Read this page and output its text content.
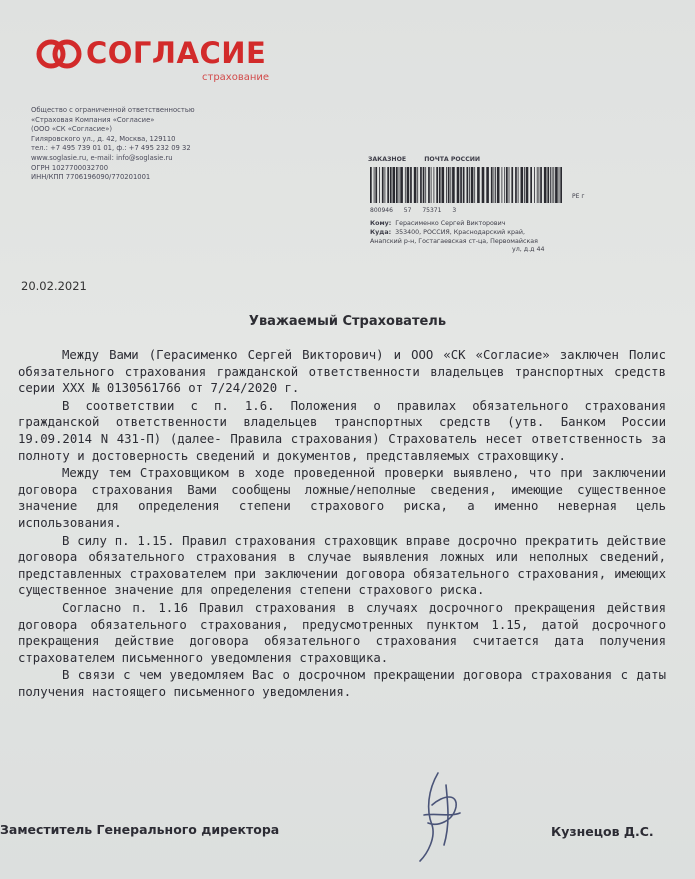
СОГЛАСИЕ
страхование
Общество с ограниченной ответственностью
«Страховая Компания «Согласие»
(ООО «СК «Согласие»)
Гиляровского ул., д. 42, Москва, 129110
тел.: +7 495 739 01 01, ф.: +7 495 232 09 32
www.soglasie.ru, e-mail: info@soglasie.ru
ОГРН 1027700032700
ИНН/КПП 7706196090/770201001
ЗАКАЗНОЕ	ПОЧТА РОССИИ
PE г
800946 57 75371 3
Кому: Герасименко Сергей Викторович
Куда: 353400, РОССИЯ, Краснодарский край,
Анапский р-н, Гостагаевская ст-ца, Первомайская
ул, д.д 44
20.02.2021
Уважаемый Страхователь

Между Вами (Герасименко Сергей Викторович) и ООО «СК «Согласие» заключен Полис обязательного страхования гражданской ответственности владельцев транспортных средств серии XXX № 0130561766 от 7/24/2020 г.

В соответствии с п. 1.6. Положения о правилах обязательного страхования гражданской ответственности владельцев транспортных средств (утв. Банком России 19.09.2014 N 431-П) (далее- Правила страхования) Страхователь несет ответственность за полноту и достоверность сведений и документов, представляемых страховщику.

Между тем Страховщиком в ходе проведенной проверки выявлено, что при заключении договора страхования Вами сообщены ложные/неполные сведения, имеющие существенное значение для определения степени страхового риска, а именно неверная цель использования.

В силу п. 1.15. Правил страхования страховщик вправе досрочно прекратить действие договора обязательного страхования в случае выявления ложных или неполных сведений, представленных страхователем при заключении договора обязательного страхования, имеющих существенное значение для определения степени страхового риска.

Согласно п. 1.16 Правил страхования в случаях досрочного прекращения действия договора обязательного страхования, предусмотренных пунктом 1.15, датой досрочного прекращения действие договора обязательного страхования считается дата получения страхователем письменного уведомления страховщика.

В связи с чем уведомляем Вас о досрочном прекращении договора страхования с даты получения настоящего письменного уведомления.

Заместитель Генерального директора	Кузнецов Д.С.
